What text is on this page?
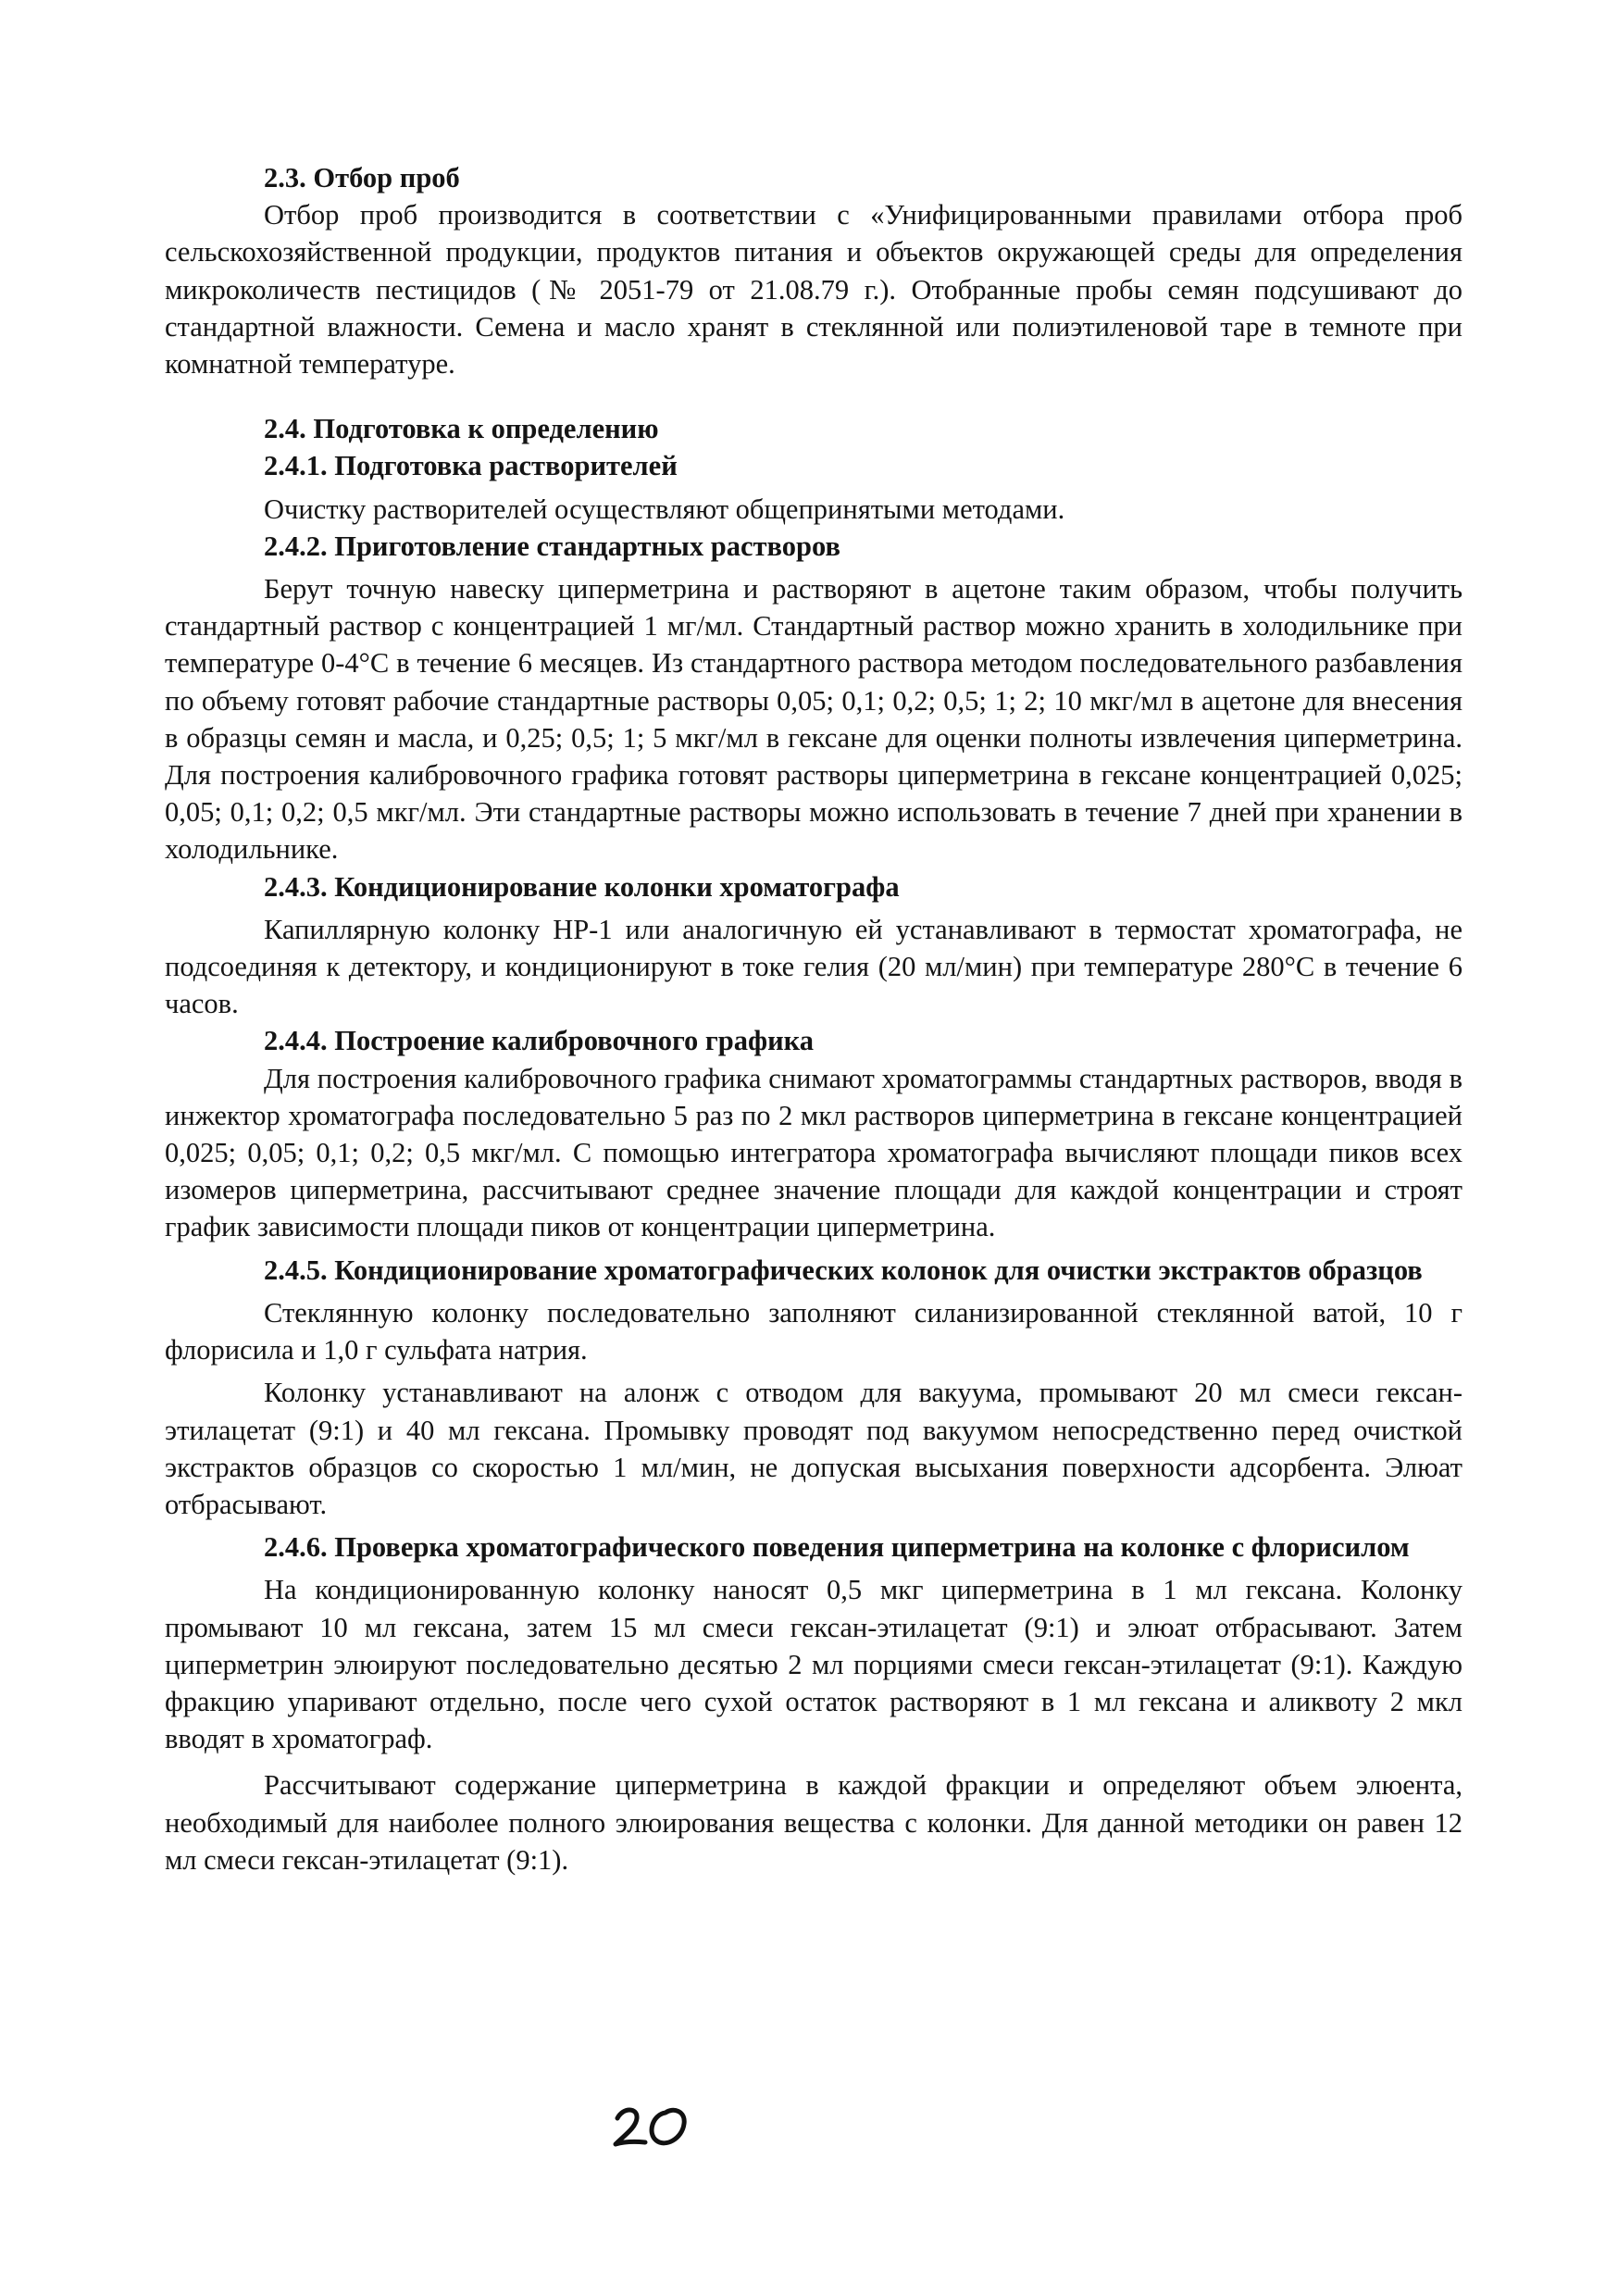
2.3. Отбор проб

Отбор проб производится в соответствии с «Унифицированными правилами отбора проб сельскохозяйственной продукции, продуктов питания и объектов окружающей среды для определения микроколичеств пестицидов (№ 2051-79 от 21.08.79 г.). Отобранные пробы семян подсушивают до стандартной влажности. Семена и масло хранят в стеклянной или полиэтиленовой таре в темноте при комнатной температуре.

2.4. Подготовка к определению
2.4.1. Подготовка растворителей

Очистку растворителей осуществляют общепринятыми методами.

2.4.2. Приготовление стандартных растворов

Берут точную навеску циперметрина и растворяют в ацетоне таким образом, чтобы получить стандартный раствор с концентрацией 1 мг/мл. Стандартный раствор можно хранить в холодильнике при температуре 0-4°С в течение 6 месяцев. Из стандартного раствора методом последовательного разбавления по объему готовят рабочие стандартные растворы 0,05; 0,1; 0,2; 0,5; 1; 2; 10 мкг/мл в ацетоне для внесения в образцы семян и масла, и 0,25; 0,5; 1; 5 мкг/мл в гексане для оценки полноты извлечения циперметрина. Для построения калибровочного графика готовят растворы циперметрина в гексане концентрацией 0,025; 0,05; 0,1; 0,2; 0,5 мкг/мл. Эти стандартные растворы можно использовать в течение 7 дней при хранении в холодильнике.

2.4.3. Кондиционирование колонки хроматографа

Капиллярную колонку HP-1 или аналогичную ей устанавливают в термостат хроматографа, не подсоединяя к детектору, и кондиционируют в токе гелия (20 мл/мин) при температуре 280°С в течение 6 часов.

2.4.4. Построение калибровочного графика

Для построения калибровочного графика снимают хроматограммы стандартных растворов, вводя в инжектор хроматографа последовательно 5 раз по 2 мкл растворов циперметрина в гексане концентрацией 0,025; 0,05; 0,1; 0,2; 0,5 мкг/мл. С помощью интегратора хроматографа вычисляют площади пиков всех изомеров циперметрина, рассчитывают среднее значение площади для каждой концентрации и строят график зависимости площади пиков от концентрации циперметрина.

2.4.5. Кондиционирование хроматографических колонок для очистки экстрактов образцов

Стеклянную колонку последовательно заполняют силанизированной стеклянной ватой, 10 г флорисила и 1,0 г сульфата натрия.

Колонку устанавливают на алонж с отводом для вакуума, промывают 20 мл смеси гексан-этилацетат (9:1) и 40 мл гексана. Промывку проводят под вакуумом непосредственно перед очисткой экстрактов образцов со скоростью 1 мл/мин, не допуская высыхания поверхности адсорбента. Элюат отбрасывают.

2.4.6. Проверка хроматографического поведения циперметрина на колонке с флорисилом

На кондиционированную колонку наносят 0,5 мкг циперметрина в 1 мл гексана. Колонку промывают 10 мл гексана, затем 15 мл смеси гексан-этилацетат (9:1) и элюат отбрасывают. Затем циперметрин элюируют последовательно десятью 2 мл порциями смеси гексан-этилацетат (9:1). Каждую фракцию упаривают отдельно, после чего сухой остаток растворяют в 1 мл гексана и аликвоту 2 мкл вводят в хроматограф.

Рассчитывают содержание циперметрина в каждой фракции и определяют объем элюента, необходимый для наиболее полного элюирования вещества с колонки. Для данной методики он равен 12 мл смеси гексан-этилацетат (9:1).
